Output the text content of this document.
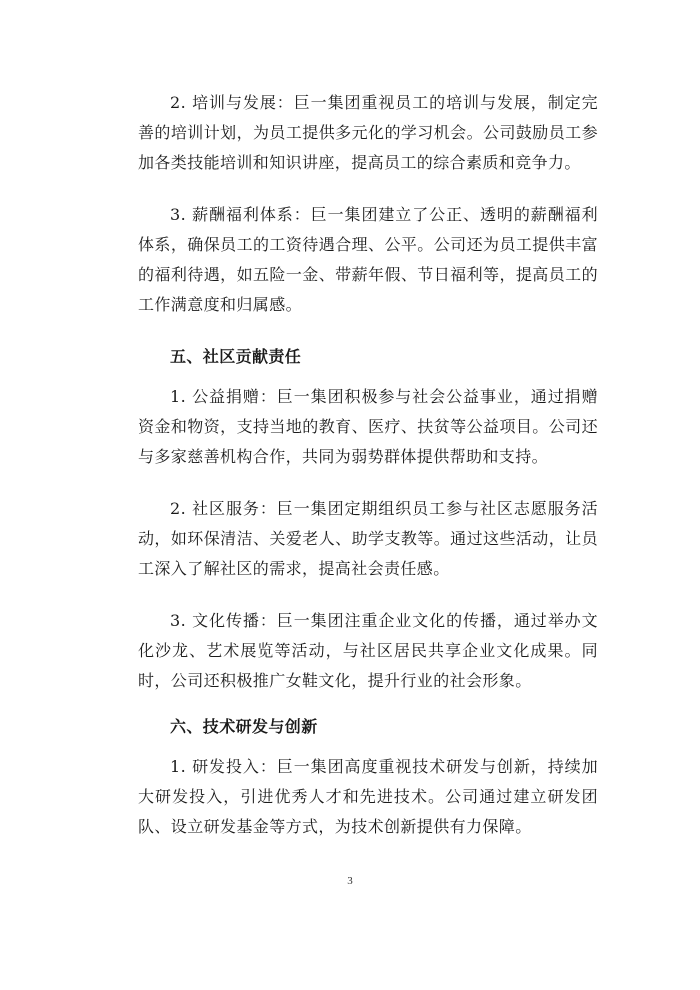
2. 培训与发展：巨一集团重视员工的培训与发展，制定完善的培训计划，为员工提供多元化的学习机会。公司鼓励员工参加各类技能培训和知识讲座，提高员工的综合素质和竞争力。

3. 薪酬福利体系：巨一集团建立了公正、透明的薪酬福利体系，确保员工的工资待遇合理、公平。公司还为员工提供丰富的福利待遇，如五险一金、带薪年假、节日福利等，提高员工的工作满意度和归属感。

五、社区贡献责任

1. 公益捐赠：巨一集团积极参与社会公益事业，通过捐赠资金和物资，支持当地的教育、医疗、扶贫等公益项目。公司还与多家慈善机构合作，共同为弱势群体提供帮助和支持。

2. 社区服务：巨一集团定期组织员工参与社区志愿服务活动，如环保清洁、关爱老人、助学支教等。通过这些活动，让员工深入了解社区的需求，提高社会责任感。

3. 文化传播：巨一集团注重企业文化的传播，通过举办文化沙龙、艺术展览等活动，与社区居民共享企业文化成果。同时，公司还积极推广女鞋文化，提升行业的社会形象。

六、技术研发与创新

1. 研发投入：巨一集团高度重视技术研发与创新，持续加大研发投入，引进优秀人才和先进技术。公司通过建立研发团队、设立研发基金等方式，为技术创新提供有力保障。

3
